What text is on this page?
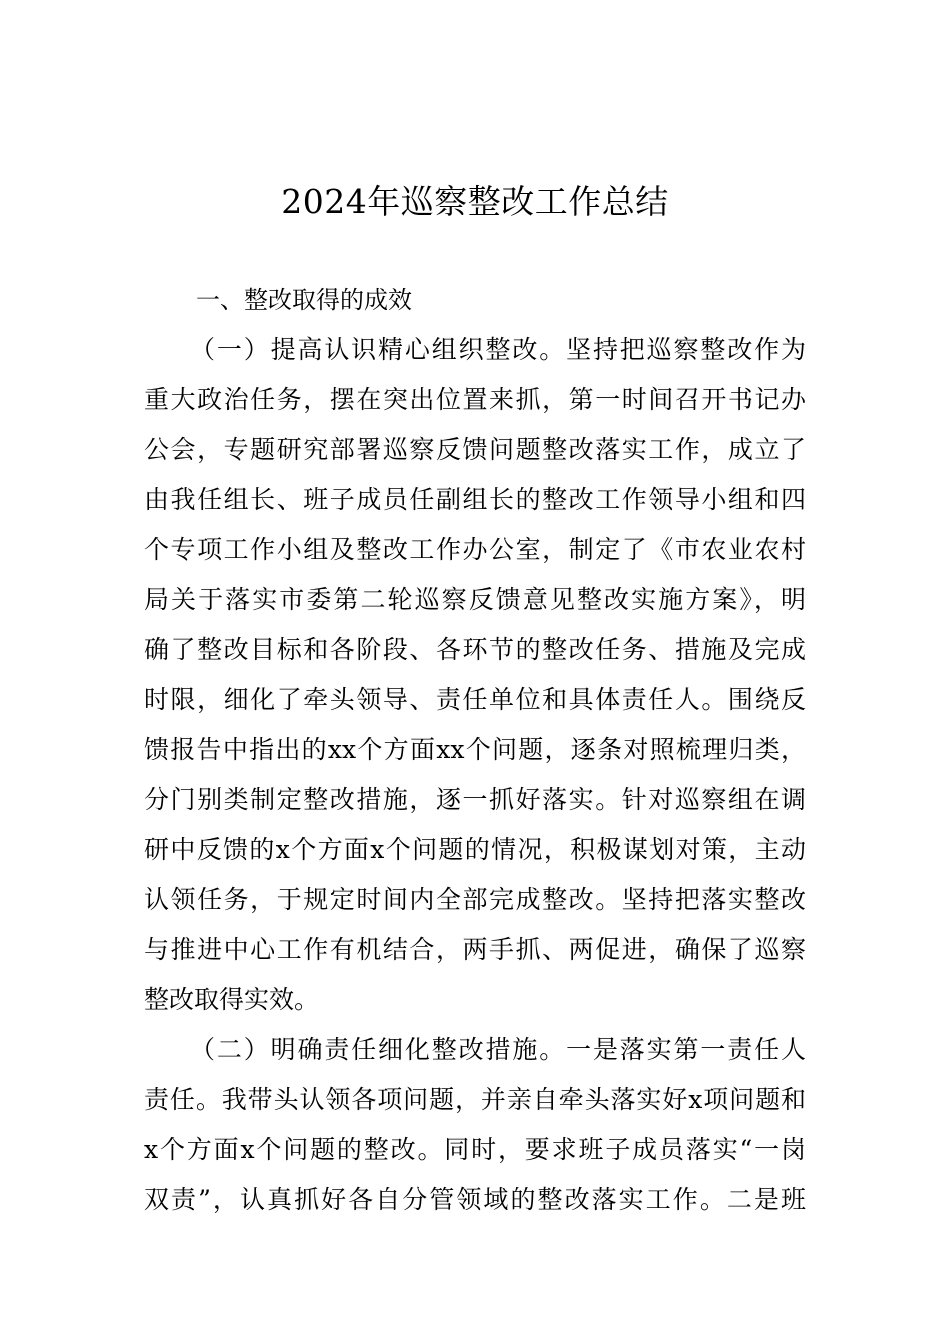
2024年巡察整改工作总结
一、整改取得的成效
（一）提高认识精心组织整改。坚持把巡察整改作为
重大政治任务，摆在突出位置来抓，第一时间召开书记办
公会，专题研究部署巡察反馈问题整改落实工作，成立了
由我任组长、班子成员任副组长的整改工作领导小组和四
个专项工作小组及整改工作办公室，制定了《市农业农村
局关于落实市委第二轮巡察反馈意见整改实施方案》，明
确了整改目标和各阶段、各环节的整改任务、措施及完成
时限，细化了牵头领导、责任单位和具体责任人。围绕反
馈报告中指出的xx个方面xx个问题，逐条对照梳理归类，
分门别类制定整改措施，逐一抓好落实。针对巡察组在调
研中反馈的x个方面x个问题的情况，积极谋划对策，主动
认领任务，于规定时间内全部完成整改。坚持把落实整改
与推进中心工作有机结合，两手抓、两促进，确保了巡察
整改取得实效。
（二）明确责任细化整改措施。一是落实第一责任人
责任。我带头认领各项问题，并亲自牵头落实好x项问题和
x个方面x个问题的整改。同时，要求班子成员落实“一岗
双责”，认真抓好各自分管领域的整改落实工作。二是班
